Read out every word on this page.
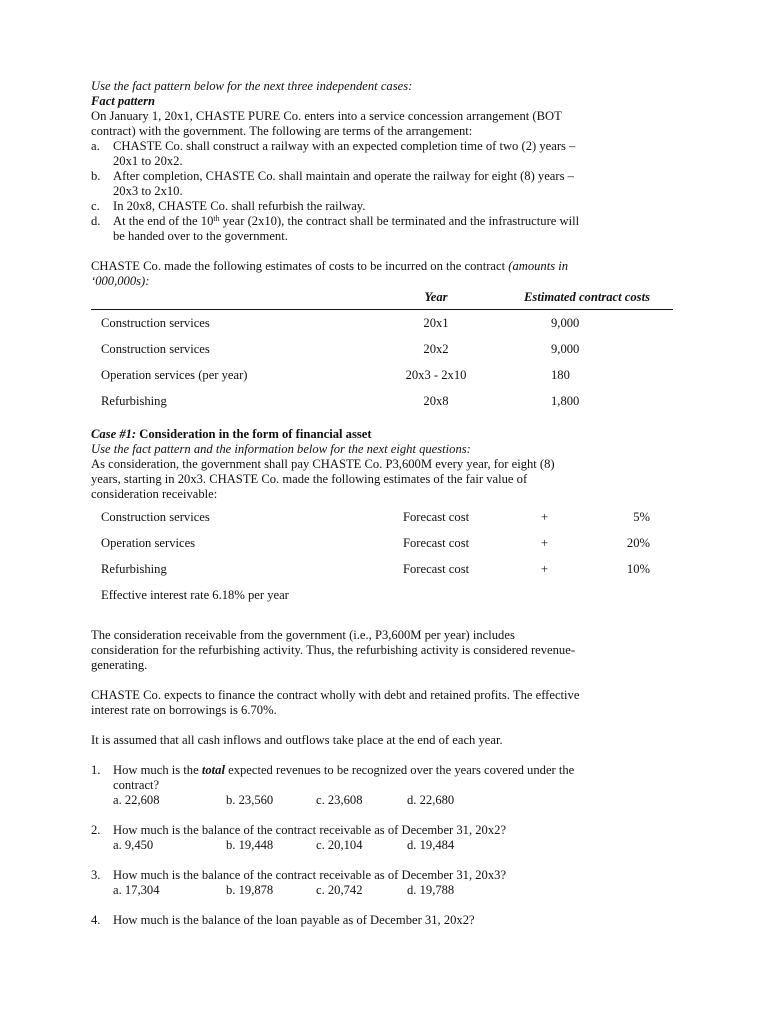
Use the fact pattern below for the next three independent cases:
Fact pattern
On January 1, 20x1, CHASTE PURE Co. enters into a service concession arrangement (BOT
contract) with the government. The following are terms of the arrangement:
a. CHASTE Co. shall construct a railway with an expected completion time of two (2) years –
20x1 to 20x2.
b. After completion, CHASTE Co. shall maintain and operate the railway for eight (8) years –
20x3 to 2x10.
c. In 20x8, CHASTE Co. shall refurbish the railway.
d. At the end of the 10th year (2x10), the contract shall be terminated and the infrastructure will
be handed over to the government.
CHASTE Co. made the following estimates of costs to be incurred on the contract (amounts in
‘000,000s):
	Year	Estimated contract costs
Construction services	20x1	9,000
Construction services	20x2	9,000
Operation services (per year)	20x3 - 2x10	180
Refurbishing	20x8	1,800
Case #1: Consideration in the form of financial asset
Use the fact pattern and the information below for the next eight questions:
As consideration, the government shall pay CHASTE Co. P3,600M every year, for eight (8)
years, starting in 20x3. CHASTE Co. made the following estimates of the fair value of
consideration receivable:
Construction services	Forecast cost	+	5%
Operation services	Forecast cost	+	20%
Refurbishing	Forecast cost	+	10%
Effective interest rate 6.18% per year			
The consideration receivable from the government (i.e., P3,600M per year) includes
consideration for the refurbishing activity. Thus, the refurbishing activity is considered revenue-
generating.
CHASTE Co. expects to finance the contract wholly with debt and retained profits. The effective
interest rate on borrowings is 6.70%.
It is assumed that all cash inflows and outflows take place at the end of each year.
1. How much is the total expected revenues to be recognized over the years covered under the
contract?
a. 22,608	b. 23,560	c. 23,608	d. 22,680
2. How much is the balance of the contract receivable as of December 31, 20x2?
a. 9,450	b. 19,448	c. 20,104	d. 19,484
3. How much is the balance of the contract receivable as of December 31, 20x3?
a. 17,304	b. 19,878	c. 20,742	d. 19,788
4. How much is the balance of the loan payable as of December 31, 20x2?
